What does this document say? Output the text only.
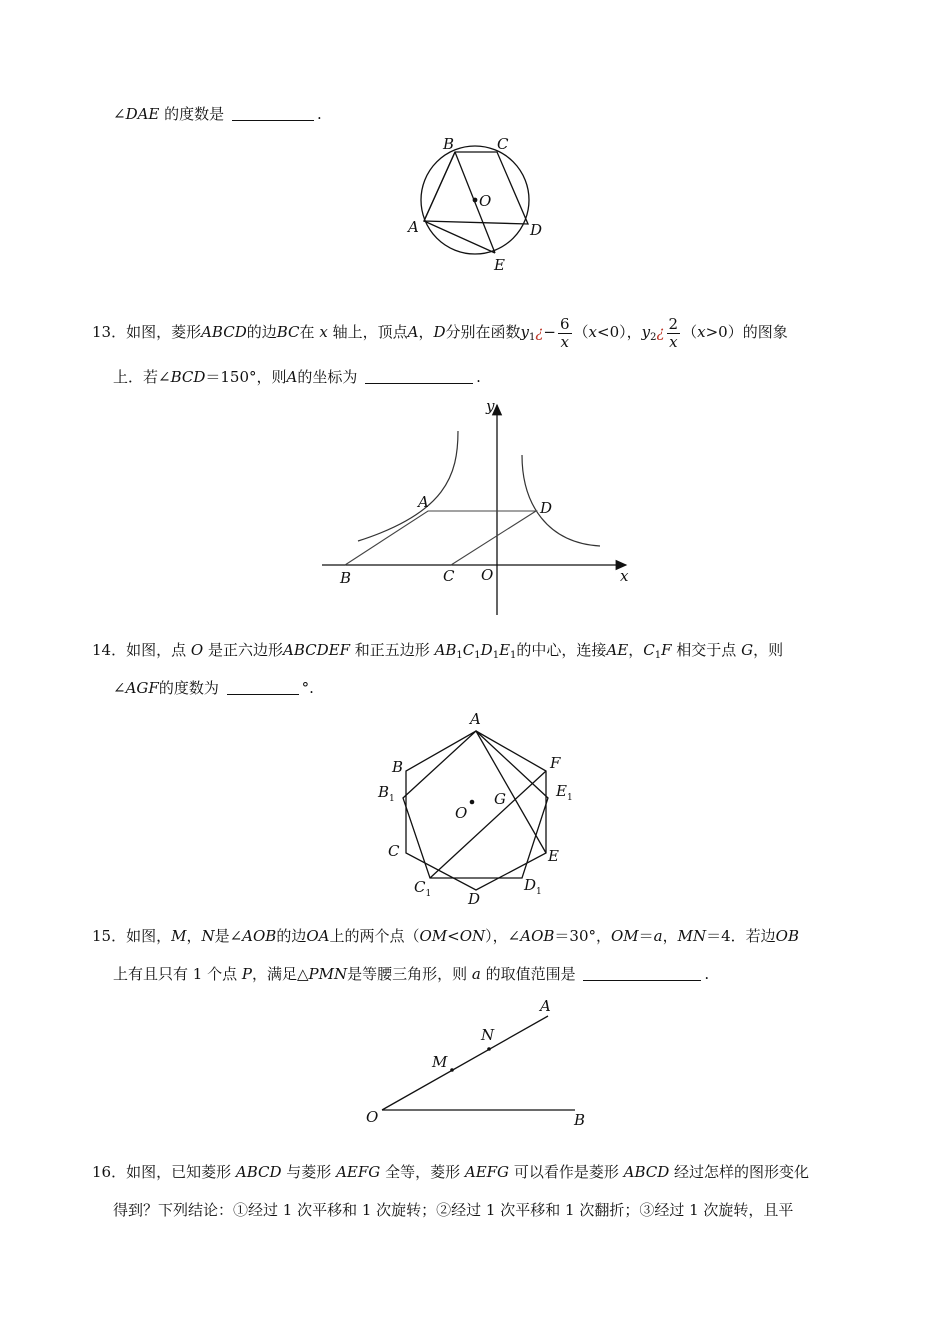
∠DAE 的度数是	.
B	C
A	D
E
O
13．如图，菱形ABCD的边BC在 x 轴上，顶点A，D分别在函数$y_1¿- \frac{6}{x} (x<0)$，$y_2¿ \frac{2}{x} (x>0)$的图象
上．若∠BCD＝150°，则A的坐标为	.
y
x
A	D
B	C O
14．如图，点 O 是正六边形ABCDEF 和正五边形 $AB_1C_1D_1E_1$的中心，连接AE，$C_1F$ 相交于点 G，则
∠AGF的度数为	°.
A
F
B
$B_1$	$E_1$
O
G
C	E
$C_1$	$D_1$
D
15．如图，M，N是∠AOB的边OA上的两个点（OM<ON），∠AOB＝30°，OM＝a，MN＝4．若边OB
上有且只有 1 个点 P，满足△PMN是等腰三角形，则 a 的取值范围是	.
O
A
B
M
N
16．如图，已知菱形 ABCD 与菱形 AEFG 全等，菱形 AEFG 可以看作是菱形 ABCD 经过怎样的图形变化
得到？下列结论：①经过 1 次平移和 1 次旋转；②经过 1 次平移和 1 次翻折；③经过 1 次旋转，且平
